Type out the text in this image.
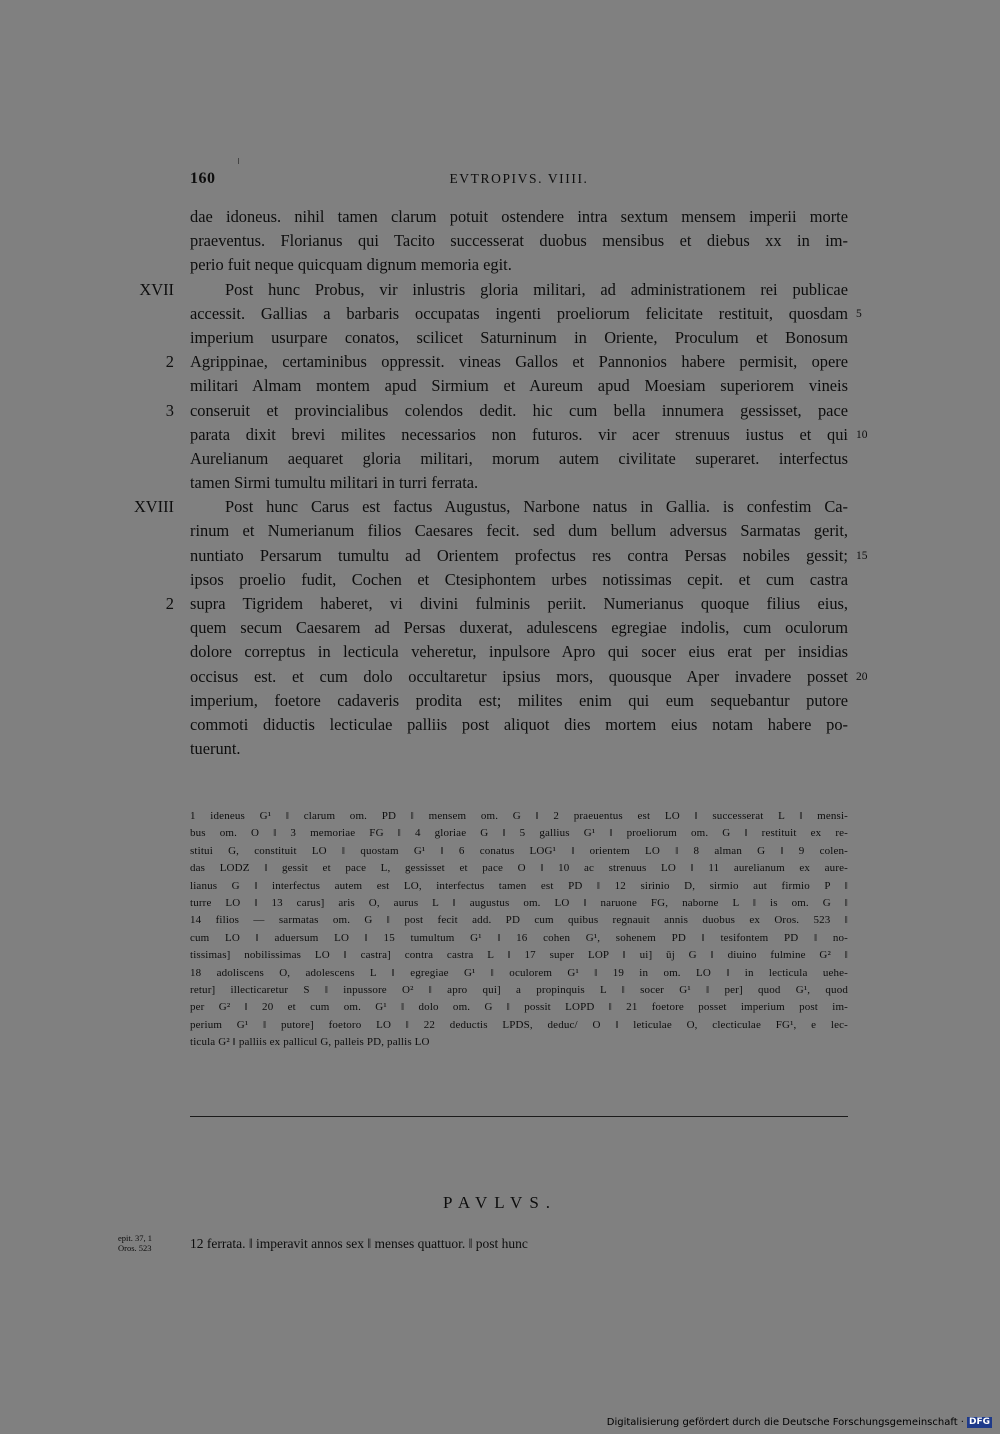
160	EVTROPIVS. VIIII.
dae idoneus. nihil tamen clarum potuit ostendere intra sextum mensem imperii morte
praeventus. Florianus qui Tacito successerat duobus mensibus et diebus xx in im-
perio fuit neque quicquam dignum memoria egit.
XVII	Post hunc Probus, vir inlustris gloria militari, ad administrationem rei publicae
accessit. Gallias a barbaris occupatas ingenti proeliorum felicitate restituit, quosdam 5
imperium usurpare conatos, scilicet Saturninum in Oriente, Proculum et Bonosum
2 Agrippinae, certaminibus oppressit. vineas Gallos et Pannonios habere permisit, opere
militari Almam montem apud Sirmium et Aureum apud Moesiam superiorem vineis
3 conseruit et provincialibus colendos dedit. hic cum bella innumera gessisset, pace
parata dixit brevi milites necessarios non futuros. vir acer strenuus iustus et qui 10
Aurelianum aequaret gloria militari, morum autem civilitate superaret. interfectus
tamen Sirmi tumultu militari in turri ferrata.
XVIII	Post hunc Carus est factus Augustus, Narbone natus in Gallia. is confestim Ca-
rinum et Numerianum filios Caesares fecit. sed dum bellum adversus Sarmatas gerit,
nuntiato Persarum tumultu ad Orientem profectus res contra Persas nobiles gessit; 15
ipsos proelio fudit, Cochen et Ctesiphontem urbes notissimas cepit. et cum castra
2 supra Tigridem haberet, vi divini fulminis periit. Numerianus quoque filius eius,
quem secum Caesarem ad Persas duxerat, adulescens egregiae indolis, cum oculorum
dolore correptus in lecticula veheretur, inpulsore Apro qui socer eius erat per insidias
occisus est. et cum dolo occultaretur ipsius mors, quousque Aper invadere posset 20
imperium, foetore cadaveris prodita est; milites enim qui eum sequebantur putore
commoti diductis lecticulae palliis post aliquot dies mortem eius notam habere po-
tuerunt.
1 ideneus G¹ ‖ clarum om. PD ‖ mensem om. G ‖ 2 praeuentus est LO ‖ successerat L ‖ mensi-
bus om. O ‖ 3 memoriae FG ‖ 4 gloriae G ‖ 5 gallius G¹ ‖ proeliorum om. G ‖ restituit ex re-
stitui G, constituit LO ‖ quostam G¹ ‖ 6 conatus LOG¹ ‖ orientem LO ‖ 8 alman G ‖ 9 colen-
das LODZ ‖ gessit et pace L, gessisset et pace O ‖ 10 ac strenuus LO ‖ 11 aurelianum ex aure-
lianus G ‖ interfectus autem est LO, interfectus tamen est PD ‖ 12 sirinio D, sirmio aut firmio P ‖
turre LO ‖ 13 carus] aris O, aurus L ‖ augustus om. LO ‖ naruone FG, naborne L ‖ is om. G ‖
14 filios — sarmatas om. G ‖ post fecit add. PD cum quibus regnauit annis duobus ex Oros. 523 ‖
cum LO ‖ aduersum LO ‖ 15 tumultum G¹ ‖ 16 cohen G¹, sohenem PD ‖ tesifontem PD ‖ no-
tissimas] nobilissimas LO ‖ castra] contra castra L ‖ 17 super LOP ‖ ui] ūj G ‖ diuino fulmine G² ‖
18 adoliscens O, adolescens L ‖ egregiae G¹ ‖ oculorem G¹ ‖ 19 in om. LO ‖ in lecticula uehe-
retur] illecticaretur S ‖ inpussore O² ‖ apro qui] a propinquis L ‖ socer G¹ ‖ per] quod G¹, quod
per G² ‖ 20 et cum om. G¹ ‖ dolo om. G ‖ possit LOPD ‖ 21 foetore posset imperium post im-
perium G¹ ‖ putore] foetoro LO ‖ 22 deductis LPDS, deduc/ O ‖ leticulae O, clecticulae FG¹, e lec-
ticula G² ‖ palliis ex pallicul G, palleis PD, pallis LO
PAVLVS.
epit. 37, 1
Oros. 523	12 ferrata. ‖ imperavit annos sex ‖ menses quattuor. ‖ post hunc
Digitalisierung gefördert durch die Deutsche Forschungsgemeinschaft · DFG
